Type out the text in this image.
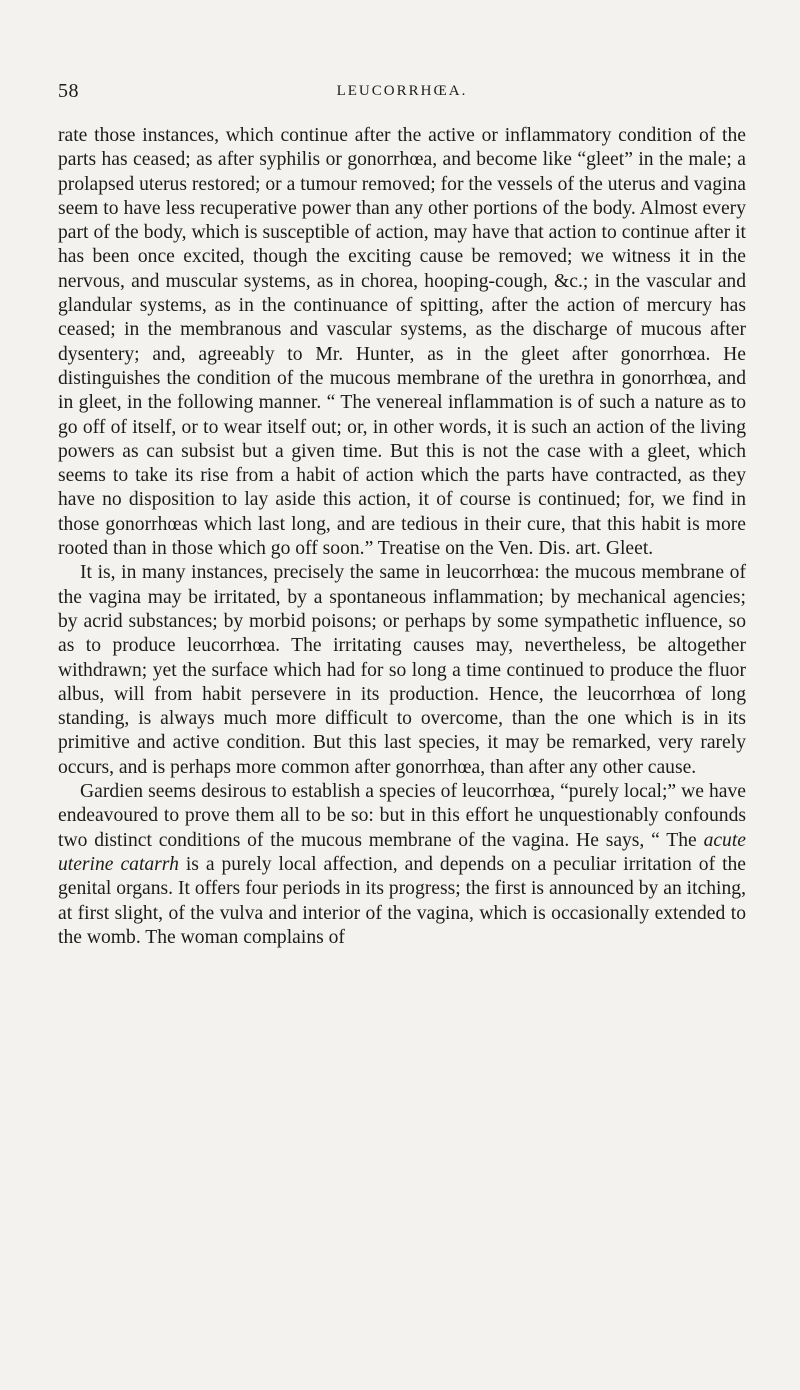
58	LEUCORRHŒA.

rate those instances, which continue after the active or inflammatory condition of the parts has ceased; as after syphilis or gonorrhœa, and become like “gleet” in the male; a prolapsed uterus restored; or a tumour removed; for the vessels of the uterus and vagina seem to have less recuperative power than any other portions of the body. Almost every part of the body, which is susceptible of action, may have that action to continue after it has been once excited, though the exciting cause be removed; we witness it in the nervous, and muscular systems, as in chorea, hooping-cough, &c.; in the vascular and glandular systems, as in the continuance of spitting, after the action of mercury has ceased; in the membranous and vascular systems, as the discharge of mucous after dysentery; and, agreeably to Mr. Hunter, as in the gleet after gonorrhœa. He distinguishes the condition of the mucous membrane of the urethra in gonorrhœa, and in gleet, in the following manner. “ The venereal inflammation is of such a nature as to go off of itself, or to wear itself out; or, in other words, it is such an action of the living powers as can subsist but a given time. But this is not the case with a gleet, which seems to take its rise from a habit of action which the parts have contracted, as they have no disposition to lay aside this action, it of course is continued; for, we find in those gonorrhœas which last long, and are tedious in their cure, that this habit is more rooted than in those which go off soon.” Treatise on the Ven. Dis. art. Gleet.

It is, in many instances, precisely the same in leucorrhœa: the mucous membrane of the vagina may be irritated, by a spontaneous inflammation; by mechanical agencies; by acrid substances; by morbid poisons; or perhaps by some sympathetic influence, so as to produce leucorrhœa. The irritating causes may, nevertheless, be altogether withdrawn; yet the surface which had for so long a time continued to produce the fluor albus, will from habit persevere in its production. Hence, the leucorrhœa of long standing, is always much more difficult to overcome, than the one which is in its primitive and active condition. But this last species, it may be remarked, very rarely occurs, and is perhaps more common after gonorrhœa, than after any other cause.

Gardien seems desirous to establish a species of leucorrhœa, “purely local;” we have endeavoured to prove them all to be so: but in this effort he unquestionably confounds two distinct conditions of the mucous membrane of the vagina. He says, “ The acute uterine catarrh is a purely local affection, and depends on a peculiar irritation of the genital organs. It offers four periods in its progress; the first is announced by an itching, at first slight, of the vulva and interior of the vagina, which is occasionally extended to the womb. The woman complains of
